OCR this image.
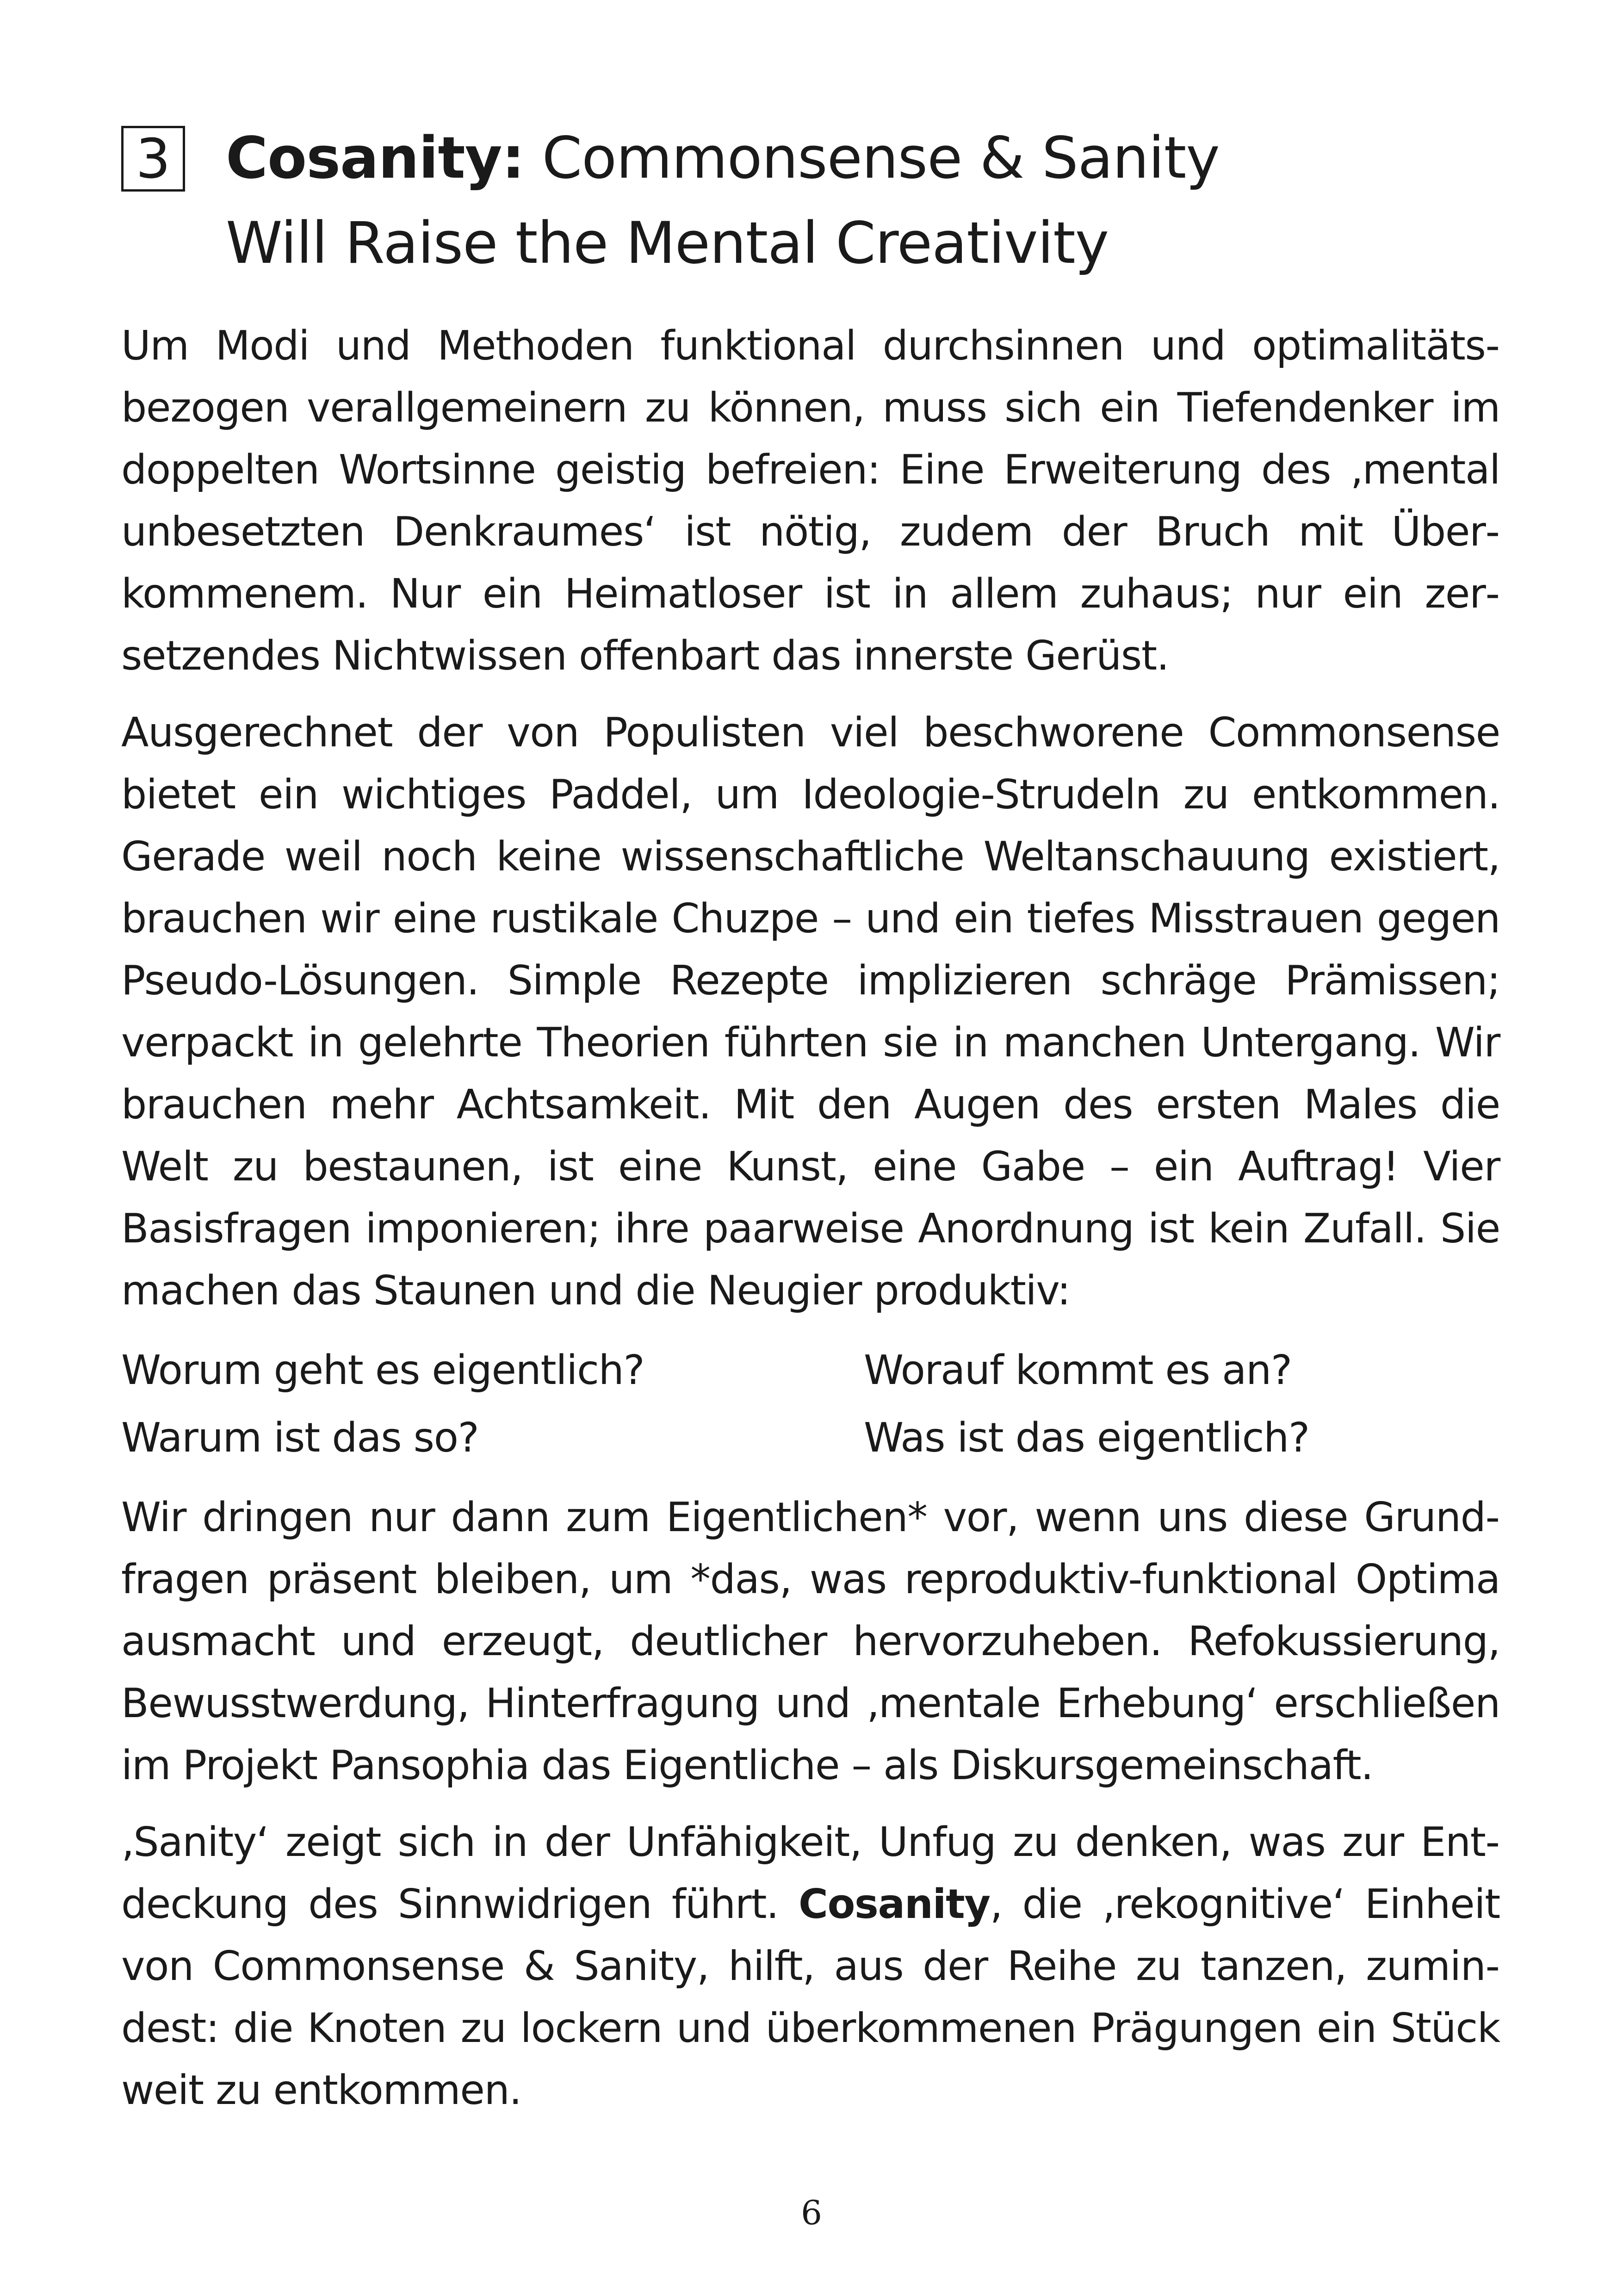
3 Cosanity: Commonsense & Sanity
Will Raise the Mental Creativity

Um Modi und Methoden funktional durchsinnen und optimalitätsbezogen verallgemeinern zu können, muss sich ein Tiefendenker im doppelten Wortsinne geistig befreien: Eine Erweiterung des ‚mental unbesetzten Denkraumes‘ ist nötig, zudem der Bruch mit Überkommenem. Nur ein Heimatloser ist in allem zuhaus; nur ein zersetzendes Nichtwissen offenbart das innerste Gerüst.

Ausgerechnet der von Populisten viel beschworene Commonsense bietet ein wichtiges Paddel, um Ideologie-Strudeln zu entkommen. Gerade weil noch keine wissenschaftliche Weltanschauung existiert, brauchen wir eine rustikale Chuzpe – und ein tiefes Misstrauen gegen Pseudo-Lösungen. Simple Rezepte implizieren schräge Prämissen; verpackt in gelehrte Theorien führten sie in manchen Untergang. Wir brauchen mehr Achtsamkeit. Mit den Augen des ersten Males die Welt zu bestaunen, ist eine Kunst, eine Gabe – ein Auftrag! Vier Basisfragen imponieren; ihre paarweise Anordnung ist kein Zufall. Sie machen das Staunen und die Neugier produktiv:

Worum geht es eigentlich?	Worauf kommt es an?
Warum ist das so?	Was ist das eigentlich?

Wir dringen nur dann zum Eigentlichen* vor, wenn uns diese Grundfragen präsent bleiben, um *das, was reproduktiv-funktional Optima ausmacht und erzeugt, deutlicher hervorzuheben. Refokussierung, Bewusstwerdung, Hinterfragung und ‚mentale Erhebung‘ erschließen im Projekt Pansophia das Eigentliche – als Diskursgemeinschaft.

‚Sanity‘ zeigt sich in der Unfähigkeit, Unfug zu denken, was zur Entdeckung des Sinnwidrigen führt. Cosanity, die ‚rekognitive‘ Einheit von Commonsense & Sanity, hilft, aus der Reihe zu tanzen, zumindest: die Knoten zu lockern und überkommenen Prägungen ein Stück weit zu entkommen.

6
